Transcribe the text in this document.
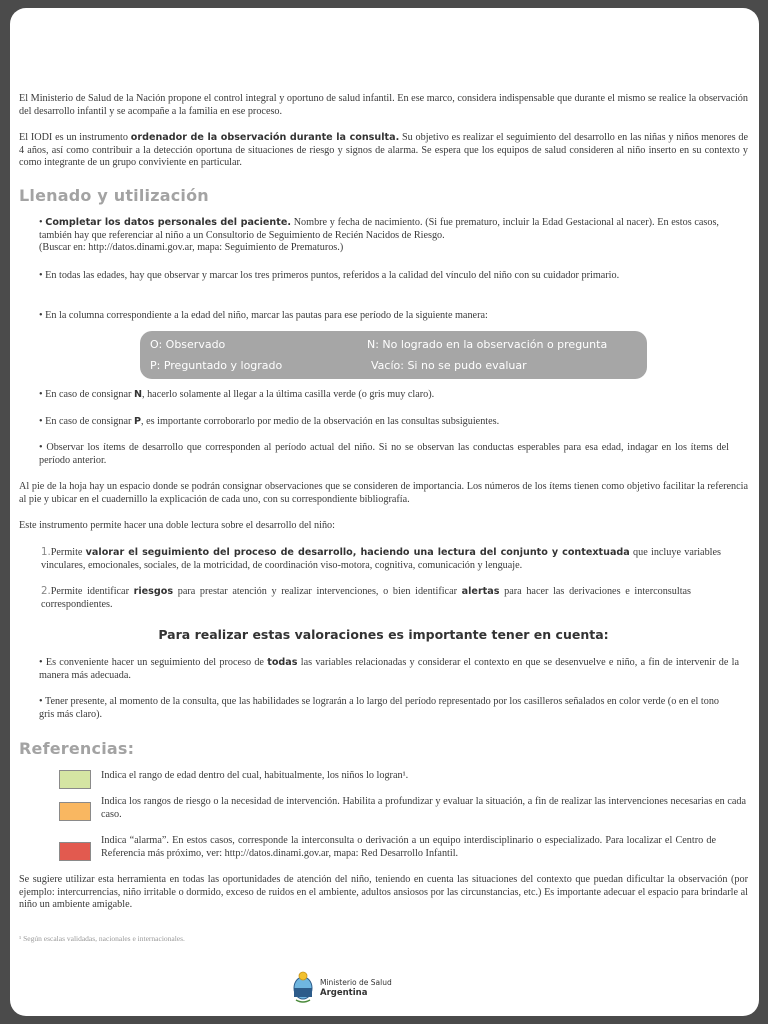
El Ministerio de Salud de la Nación propone el control integral y oportuno de salud infantil. En ese marco, considera indispensable que durante el mismo se realice la observación del desarrollo infantil y se acompañe a la familia en ese proceso.

El IODI es un instrumento ordenador de la observación durante la consulta. Su objetivo es realizar el seguimiento del desarrollo en las niñas y niños menores de 4 años, así como contribuir a la detección oportuna de situaciones de riesgo y signos de alarma. Se espera que los equipos de salud consideren al niño inserto en su contexto y como integrante de un grupo conviviente en particular.

Llenado y utilización

• Completar los datos personales del paciente. Nombre y fecha de nacimiento. (Si fue prematuro, incluir la Edad Gestacional al nacer). En estos casos, también hay que referenciar al niño a un Consultorio de Seguimiento de Recién Nacidos de Riesgo.
(Buscar en: http://datos.dinami.gov.ar, mapa: Seguimiento de Prematuros.)

• En todas las edades, hay que observar y marcar los tres primeros puntos, referidos a la calidad del vínculo del niño con su cuidador primario.

• En la columna correspondiente a la edad del niño, marcar las pautas para ese período de la siguiente manera:

O: Observado	N: No logrado en la observación o pregunta
P: Preguntado y logrado	Vacío: Si no se pudo evaluar

• En caso de consignar N, hacerlo solamente al llegar a la última casilla verde (o gris muy claro).

• En caso de consignar P, es importante corroborarlo por medio de la observación en las consultas subsiguientes.

• Observar los ítems de desarrollo que corresponden al período actual del niño. Si no se observan las conductas esperables para esa edad, indagar en los ítems del período anterior.

Al pie de la hoja hay un espacio donde se podrán consignar observaciones que se consideren de importancia. Los números de los ítems tienen como objetivo facilitar la referencia al pie y ubicar en el cuadernillo la explicación de cada uno, con su correspondiente bibliografía.

Este instrumento permite hacer una doble lectura sobre el desarrollo del niño:

1.Permite valorar el seguimiento del proceso de desarrollo, haciendo una lectura del conjunto y contextuada que incluye variables vinculares, emocionales, sociales, de la motricidad, de coordinación viso-motora, cognitiva, comunicación y lenguaje.

2.Permite identificar riesgos para prestar atención y realizar intervenciones, o bien identificar alertas para hacer las derivaciones e interconsultas correspondientes.

Para realizar estas valoraciones es importante tener en cuenta:

• Es conveniente hacer un seguimiento del proceso de todas las variables relacionadas y considerar el contexto en que se desenvuelve e niño, a fin de intervenir de la manera más adecuada.

• Tener presente, al momento de la consulta, que las habilidades se lograrán a lo largo del período representado por los casilleros señalados en color verde (o en el tono gris más claro).

Referencias:

Indica el rango de edad dentro del cual, habitualmente, los niños lo logran¹.

Indica los rangos de riesgo o la necesidad de intervención. Habilita a profundizar y evaluar la situación, a fin de realizar las intervenciones necesarias en cada caso.

Indica “alarma”. En estos casos, corresponde la interconsulta o derivación a un equipo interdisciplinario o especializado. Para localizar el Centro de Referencia más próximo, ver: http://datos.dinami.gov.ar, mapa: Red Desarrollo Infantil.

Se sugiere utilizar esta herramienta en todas las oportunidades de atención del niño, teniendo en cuenta las situaciones del contexto que puedan dificultar la observación (por ejemplo: intercurrencias, niño irritable o dormido, exceso de ruidos en el ambiente, adultos ansiosos por las circunstancias, etc.) Es importante adecuar el espacio para brindarle al niño un ambiente amigable.

¹ Según escalas validadas, nacionales e internacionales.

Ministerio de Salud
Argentina
